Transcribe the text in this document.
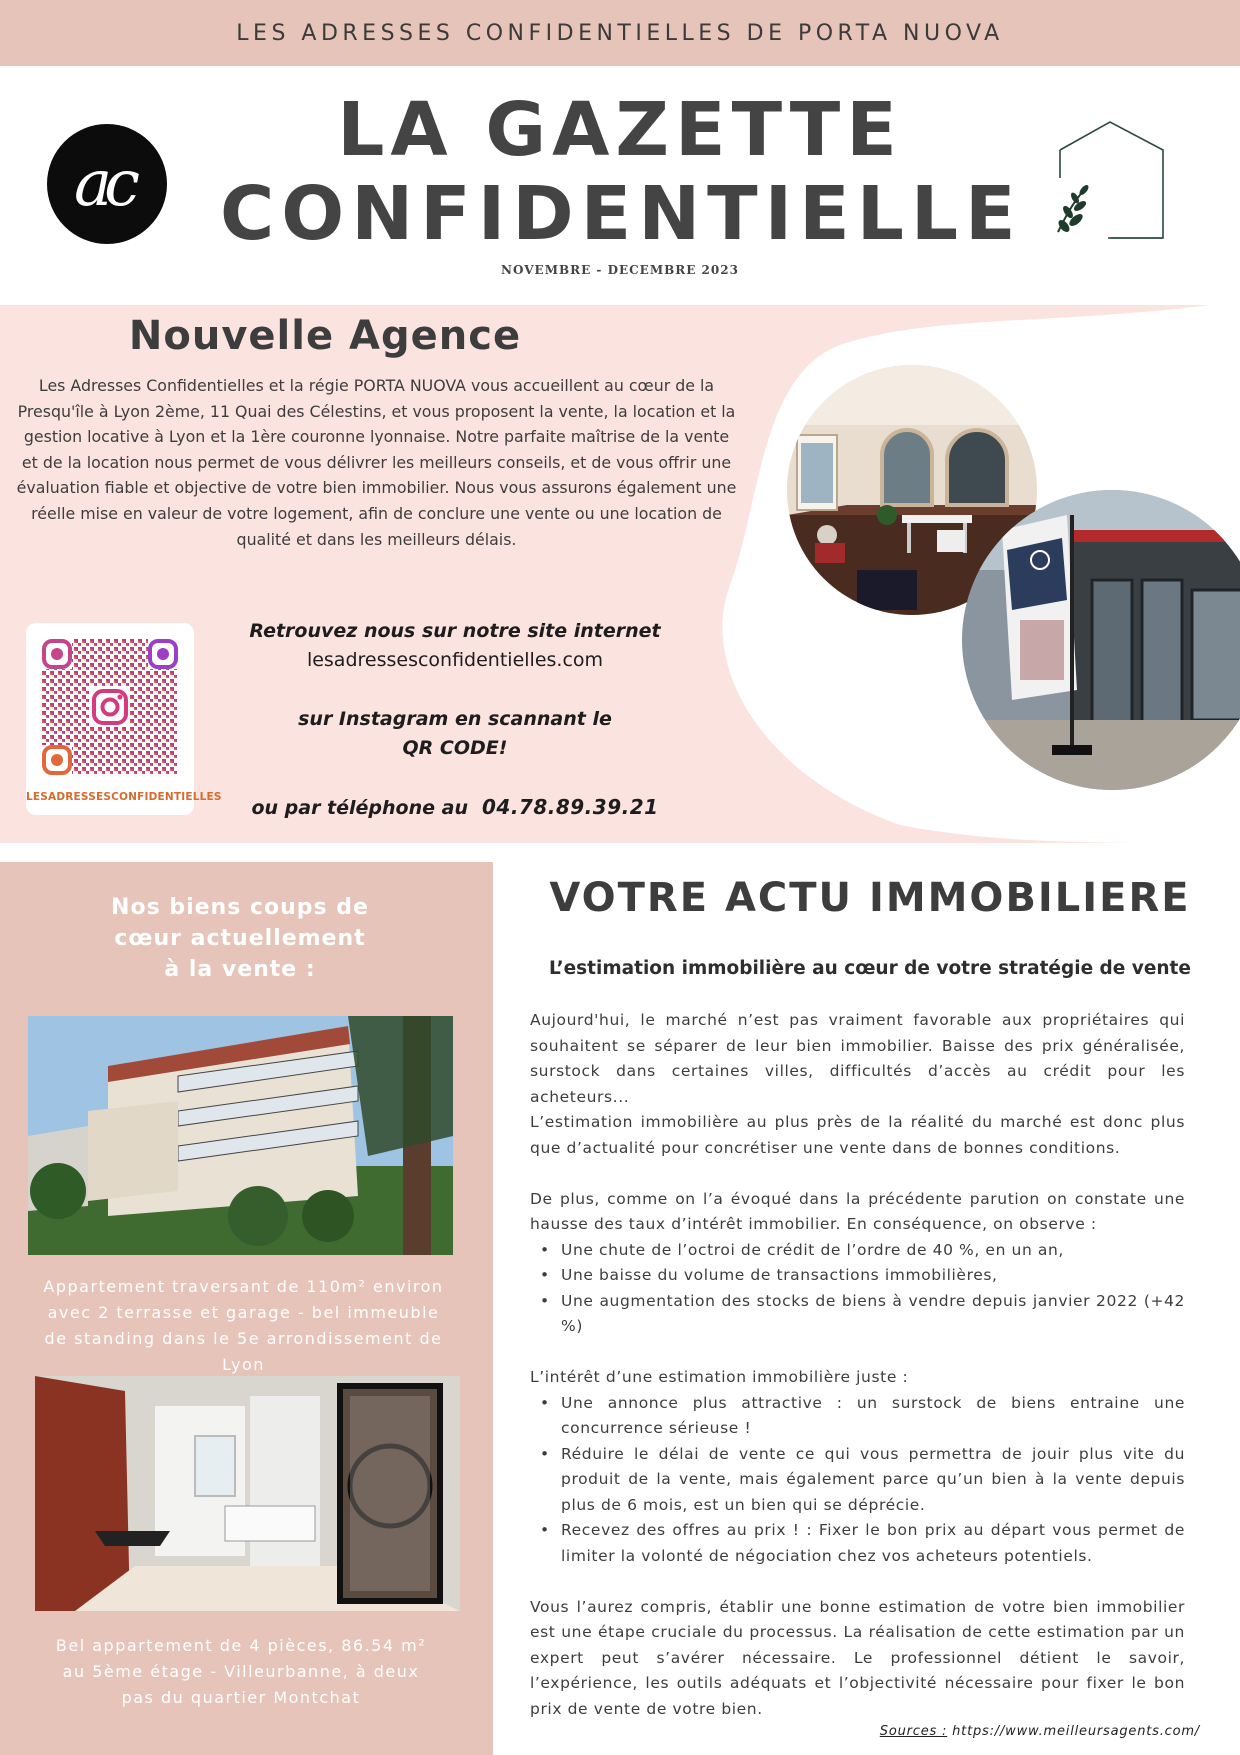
LES ADRESSES CONFIDENTIELLES DE PORTA NUOVA
ac
LA GAZETTE
CONFIDENTIELLE
NOVEMBRE - DECEMBRE 2023
Nouvelle Agence
Les Adresses Confidentielles et la régie PORTA NUOVA vous accueillent au cœur de la Presqu'île à Lyon 2ème, 11 Quai des Célestins, et vous proposent la vente, la location et la gestion locative à Lyon et la 1ère couronne lyonnaise. Notre parfaite maîtrise de la vente et de la location nous permet de vous délivrer les meilleurs conseils, et de vous offrir une évaluation fiable et objective de votre bien immobilier. Nous vous assurons également une réelle mise en valeur de votre logement, afin de conclure une vente ou une location de qualité et dans les meilleurs délais.
LESADRESSESCONFIDENTIELLES

Retrouvez nous sur notre site internet

lesadressesconfidentielles.com

sur Instagram en scannant le

QR CODE!

ou par téléphone au 04.78.89.39.21

Nos biens coups de
cœur actuellement
à la vente :
Appartement traversant de 110m² environ avec 2 terrasse et garage - bel immeuble de standing dans le 5e arrondissement de Lyon
Bel appartement de 4 pièces, 86.54 m² au 5ème étage - Villeurbanne, à deux pas du quartier Montchat
VOTRE ACTU IMMOBILIERE
L’estimation immobilière au cœur de votre stratégie de vente

Aujourd'hui, le marché n’est pas vraiment favorable aux propriétaires qui souhaitent se séparer de leur bien immobilier. Baisse des prix généralisée, surstock dans certaines villes, difficultés d’accès au crédit pour les acheteurs...

L’estimation immobilière au plus près de la réalité du marché est donc plus que d’actualité pour concrétiser une vente dans de bonnes conditions.

De plus, comme on l’a évoqué dans la précédente parution on constate une hausse des taux d’intérêt immobilier. En conséquence, on observe :

• Une chute de l’octroi de crédit de l’ordre de 40 %, en un an,
• Une baisse du volume de transactions immobilières,
• Une augmentation des stocks de biens à vendre depuis janvier 2022 (+42 %)

L’intérêt d’une estimation immobilière juste :

• Une annonce plus attractive : un surstock de biens entraine une concurrence sérieuse !
• Réduire le délai de vente ce qui vous permettra de jouir plus vite du produit de la vente, mais également parce qu’un bien à la vente depuis plus de 6 mois, est un bien qui se déprécie.
• Recevez des offres au prix ! : Fixer le bon prix au départ vous permet de limiter la volonté de négociation chez vos acheteurs potentiels.

Vous l’aurez compris, établir une bonne estimation de votre bien immobilier est une étape cruciale du processus. La réalisation de cette estimation par un expert peut s’avérer nécessaire. Le professionnel détient le savoir, l’expérience, les outils adéquats et l’objectivité nécessaire pour fixer le bon prix de vente de votre bien.

Sources : https://www.meilleursagents.com/
